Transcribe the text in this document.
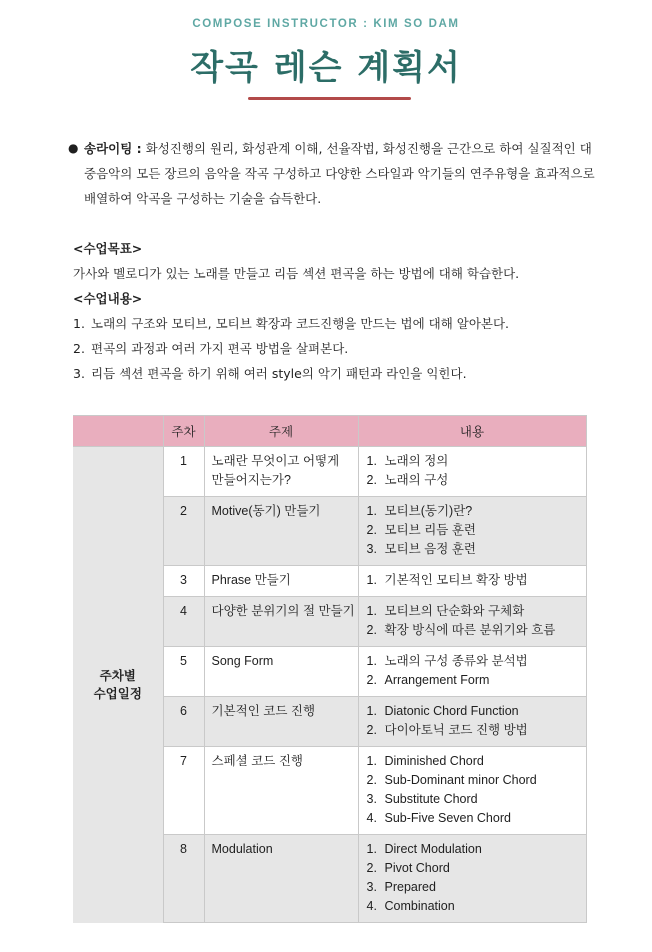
COMPOSE INSTRUCTOR : KIM SO DAM
작곡 레슨 계획서
● 송라이팅 : 화성진행의 원리, 화성관계 이해, 선율작법, 화성진행을 근간으로 하여 실질적인 대중음악의 모든 장르의 음악을 작곡 구성하고 다양한 스타일과 악기들의 연주유형을 효과적으로 배열하여 악곡을 구성하는 기술을 습득한다.
<수업목표>
가사와 멜로디가 있는 노래를 만들고 리듬 섹션 편곡을 하는 방법에 대해 학습한다.
<수업내용>
1. 노래의 구조와 모티브, 모티브 확장과 코드진행을 만드는 법에 대해 알아본다.
2. 편곡의 과정과 여러 가지 편곡 방법을 살펴본다.
3. 리듬 섹션 편곡을 하기 위해 여러 style의 악기 패턴과 라인을 익힌다.
	주차	주제	내용
주차별
수업일정	1	노래란 무엇이고 어떻게 만들어지는가?	1. 노래의 정의
2. 노래의 구성

	2	Motive(동기) 만들기	1. 모티브(동기)란?
2. 모티브 리듬 훈련
3. 모티브 음정 훈련

	3	Phrase 만들기	1. 기본적인 모티브 확장 방법

	4	다양한 분위기의 절 만들기	1. 모티브의 단순화와 구체화
2. 확장 방식에 따른 분위기와 흐름

	5	Song Form	1. 노래의 구성 종류와 분석법
2. Arrangement Form

	6	기본적인 코드 진행	1. Diatonic Chord Function
2. 다이아토닉 코드 진행 방법

	7	스페셜 코드 진행	1. Diminished Chord
2. Sub-Dominant minor Chord
3. Substitute Chord
4. Sub-Five Seven Chord

	8	Modulation	1. Direct Modulation
2. Pivot Chord
3. Prepared
4. Combination
